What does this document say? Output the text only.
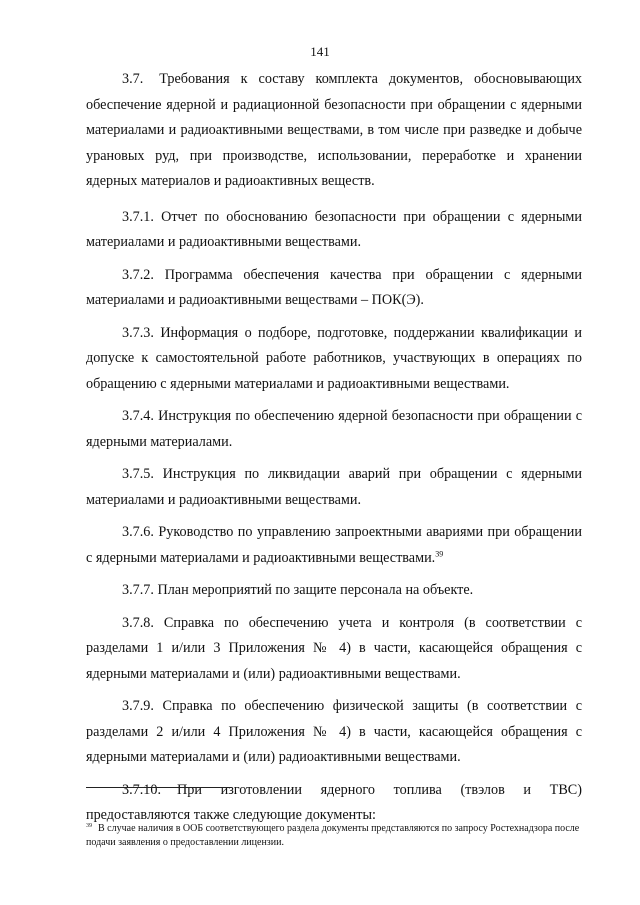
141

3.7. Требования к составу комплекта документов, обосновывающих обеспечение ядерной и радиационной безопасности при обращении с ядерными материалами и радиоактивными веществами, в том числе при разведке и добыче урановых руд, при производстве, использовании, переработке и хранении ядерных материалов и радиоактивных веществ.

3.7.1. Отчет по обоснованию безопасности при обращении с ядерными материалами и радиоактивными веществами.

3.7.2. Программа обеспечения качества при обращении с ядерными материалами и радиоактивными веществами – ПОК(Э).

3.7.3. Информация о подборе, подготовке, поддержании квалификации и допуске к самостоятельной работе работников, участвующих в операциях по обращению с ядерными материалами и радиоактивными веществами.

3.7.4. Инструкция по обеспечению ядерной безопасности при обращении с ядерными материалами.

3.7.5. Инструкция по ликвидации аварий при обращении с ядерными материалами и радиоактивными веществами.

3.7.6. Руководство по управлению запроектными авариями при обращении с ядерными материалами и радиоактивными веществами.$^{39}$

3.7.7. План мероприятий по защите персонала на объекте.

3.7.8. Справка по обеспечению учета и контроля (в соответствии с разделами 1 и/или 3 Приложения № 4) в части, касающейся обращения с ядерными материалами и (или) радиоактивными веществами.

3.7.9. Справка по обеспечению физической защиты (в соответствии с разделами 2 и/или 4 Приложения № 4) в части, касающейся обращения с ядерными материалами и (или) радиоактивными веществами.

3.7.10. При изготовлении ядерного топлива (твэлов и ТВС)

предоставляются также следующие документы:

$^{39}$ В случае наличия в ООБ соответствующего раздела документы представляются по запросу Ростехнадзора после подачи заявления о предоставлении лицензии.
